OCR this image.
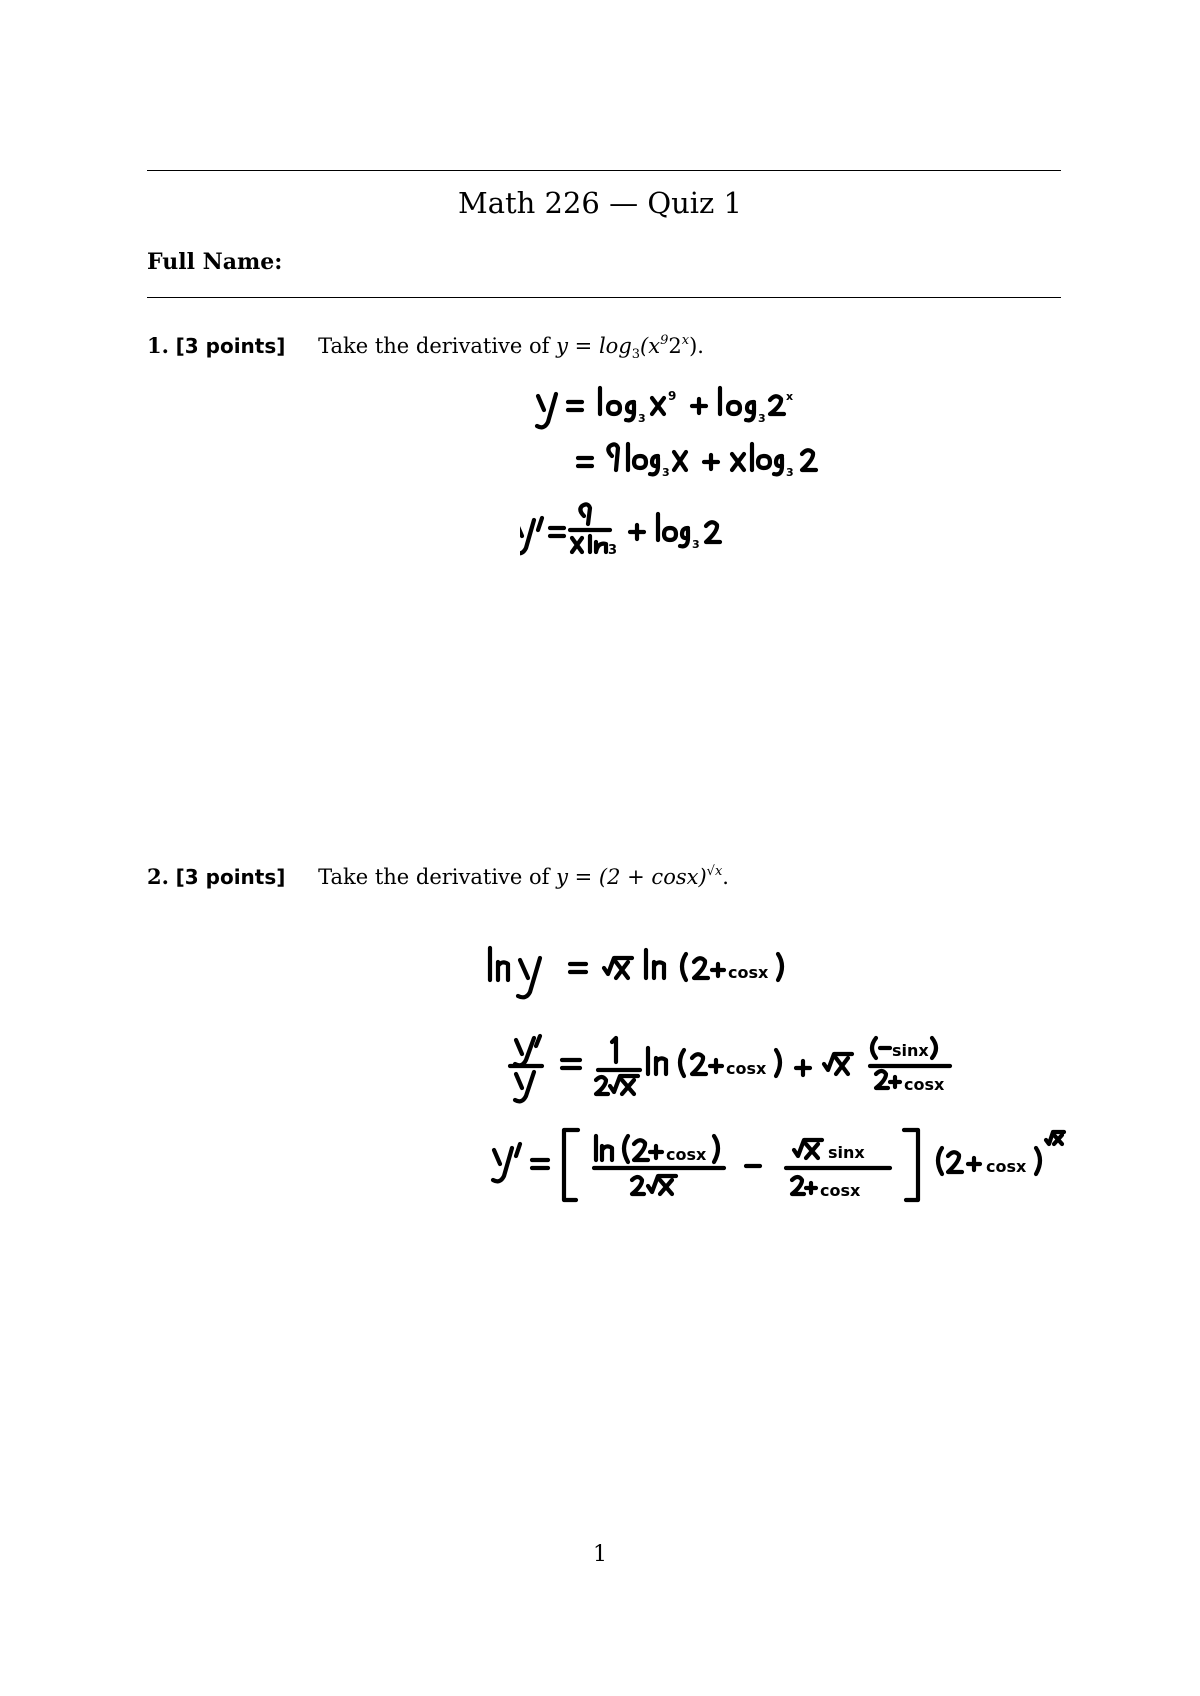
Math 226 — Quiz 1
Full Name:
1. [3 points] Take the derivative of $y = \log_3(x^92^x)$.
3
9
3
x
3	3
3	3
2. [3 points] Take the derivative of $y = (2 + \cos x)^{√x}$.
cosx
cosx
sinx
cosx
cosx	sinx
cosx
cosx
1
